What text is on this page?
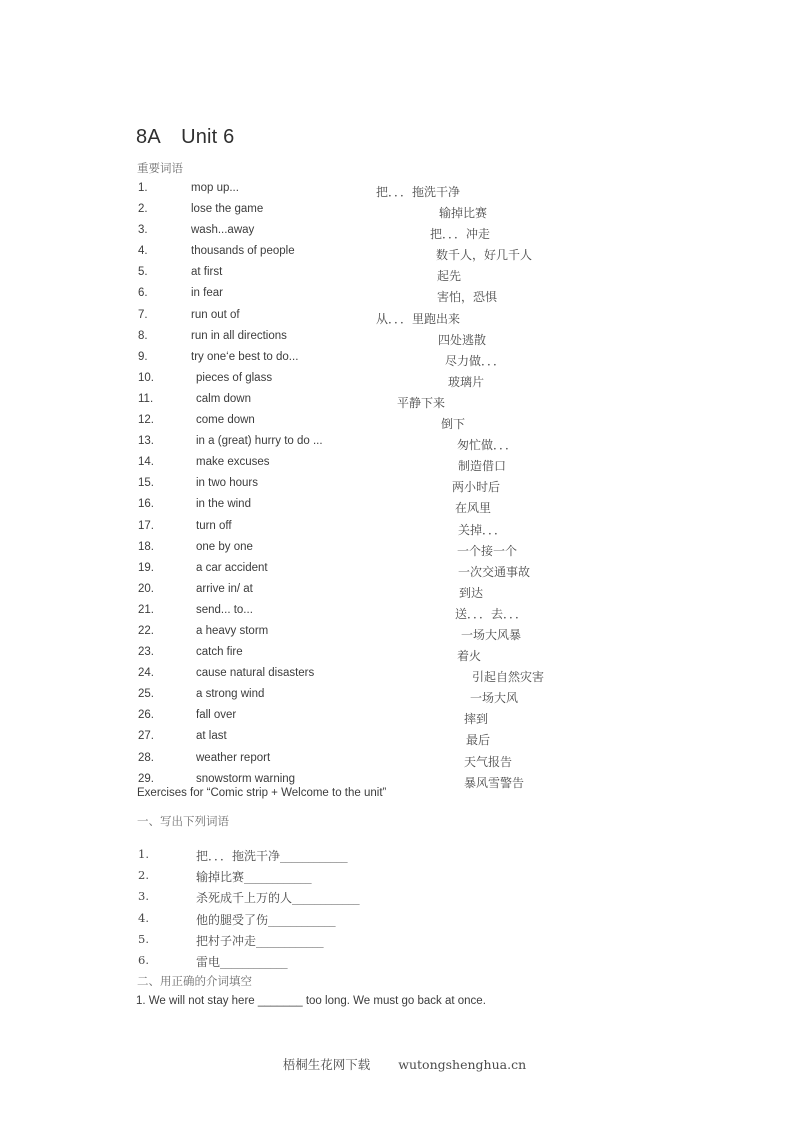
8A Unit 6
重要词语
1.	mop up...	把．．．拖洗干净
2.	lose the game	输掉比赛
3.	wash...away	把．．．冲走
4.	thousands of people	数千人，好几千人
5.	at first	起先
6.	in fear	害怕，恐惧
7.	run out of	从．．．里跑出来
8.	run in all directions	四处逃散
9.	try one‘e best to do...	尽力做．．．
10.	pieces of glass	玻璃片
11.	calm down	平静下来
12.	come down	倒下
13.	in a (great) hurry to do ...	匆忙做．．．
14.	make excuses	制造借口
15.	in two hours	两小时后
16.	in the wind	在风里
17.	turn off	关掉．．．
18.	one by one	一个接一个
19.	a car accident	一次交通事故
20.	arrive in/ at	到达
21.	send... to...	送．．．去．．．
22.	a heavy storm	一场大风暴
23.	catch fire	着火
24.	cause natural disasters	引起自然灾害
25.	a strong wind	一场大风
26.	fall over	摔到
27.	at last	最后
28.	weather report	天气报告
29.	snowstorm warning	暴风雪警告
Exercises for “Comic strip + Welcome to the unit”
一、写出下列词语
1.	把．．．拖洗干净____________
2.	输掉比赛____________
3.	杀死成千上万的人____________
4.	他的腿受了伤____________
5.	把村子冲走____________
6.	雷电____________
二、用正确的介词填空
1. We will not stay here _______ too long. We must go back at once.

梧桐生花网下载 wutongshenghua.cn
